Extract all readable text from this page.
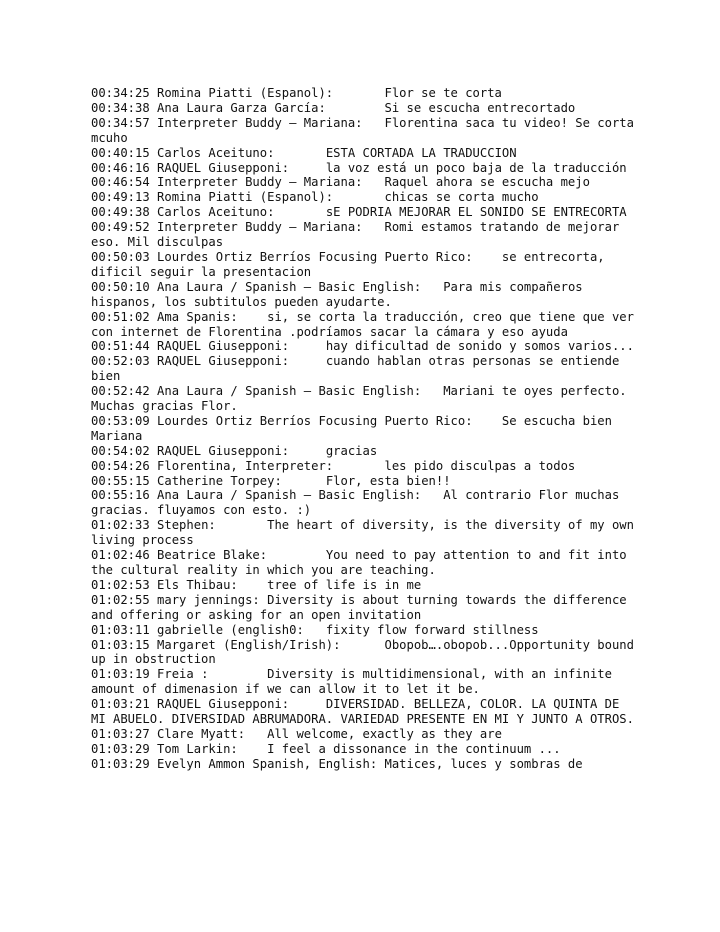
00:34:25 Romina Piatti (Espanol):	Flor se te corta
00:34:38 Ana Laura Garza García:	Si se escucha entrecortado
00:34:57 Interpreter Buddy – Mariana:	Florentina saca tu video! Se corta mcuho
00:40:15 Carlos Aceituno:	ESTA CORTADA LA TRADUCCION
00:46:16 RAQUEL Giusepponi:	la voz está un poco baja de la traducción
00:46:54 Interpreter Buddy – Mariana:	Raquel ahora se escucha mejo
00:49:13 Romina Piatti (Espanol):	chicas se corta mucho
00:49:38 Carlos Aceituno:	sE PODRIA MEJORAR EL SONIDO SE ENTRECORTA
00:49:52 Interpreter Buddy – Mariana:	Romi estamos tratando de mejorar eso. Mil disculpas
00:50:03 Lourdes Ortiz Berríos Focusing Puerto Rico:	se entrecorta, dificil seguir la presentacion
00:50:10 Ana Laura / Spanish – Basic English:	Para mis compañeros hispanos, los subtitulos pueden ayudarte.
00:51:02 Ama Spanis:	si, se corta la traducción, creo que tiene que ver con internet de Florentina .podríamos sacar la cámara y eso ayuda
00:51:44 RAQUEL Giusepponi:	hay dificultad de sonido y somos varios...
00:52:03 RAQUEL Giusepponi:	cuando hablan otras personas se entiende bien
00:52:42 Ana Laura / Spanish – Basic English:	Mariani te oyes perfecto. Muchas gracias Flor.
00:53:09 Lourdes Ortiz Berríos Focusing Puerto Rico:	Se escucha bien Mariana
00:54:02 RAQUEL Giusepponi:	gracias
00:54:26 Florentina, Interpreter:	les pido disculpas a todos
00:55:15 Catherine Torpey:	Flor, esta bien!!
00:55:16 Ana Laura / Spanish – Basic English:	Al contrario Flor muchas gracias. fluyamos con esto. :)
01:02:33 Stephen:	The heart of diversity, is the diversity of my own living process
01:02:46 Beatrice Blake:	You need to pay attention to and fit into the cultural reality in which you are teaching.
01:02:53 Els Thibau:	tree of life is in me
01:02:55 mary jennings:	Diversity is about turning towards the difference and offering or asking for an open invitation
01:03:11 gabrielle (english0:	fixity flow forward stillness
01:03:15 Margaret (English/Irish):	Obopob….obopob...Opportunity bound up in obstruction
01:03:19 Freia :	Diversity is multidimensional, with an infinite amount of dimenasion if we can allow it to let it be.
01:03:21 RAQUEL Giusepponi:	DIVERSIDAD. BELLEZA, COLOR. LA QUINTA DE MI ABUELO. DIVERSIDAD ABRUMADORA. VARIEDAD PRESENTE EN MI Y JUNTO A OTROS.
01:03:27 Clare Myatt:	All welcome, exactly as they are
01:03:29 Tom Larkin:	I feel a dissonance in the continuum ...
01:03:29 Evelyn Ammon Spanish, English:	Matices, luces y sombras de
